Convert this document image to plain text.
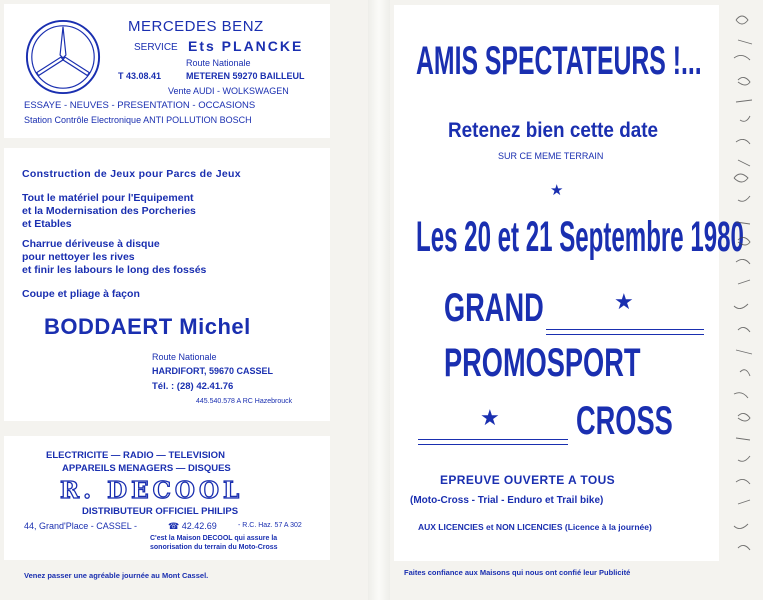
MERCEDES BENZ
SERVICE Ets PLANCKE
Route Nationale
T 43.08.41	METEREN 59270 BAILLEUL
Vente AUDI - WOLKSWAGEN
ESSAYE - NEUVES - PRESENTATION - OCCASIONS
Station Contrôle Electronique ANTI POLLUTION BOSCH
Construction de Jeux pour Parcs de Jeux
Tout le matériel pour l'Equipement
et la Modernisation des Porcheries
et Etables
Charrue dériveuse à disque
pour nettoyer les rives
et finir les labours le long des fossés
Coupe et pliage à façon
BODDAERT Michel
Route Nationale
HARDIFORT, 59670 CASSEL
Tél. : (28) 42.41.76
445.540.578 A RC Hazebrouck
ELECTRICITE — RADIO — TELEVISION
APPAREILS MENAGERS — DISQUES
R. DECOOL
DISTRIBUTEUR OFFICIEL PHILIPS
44, Grand'Place - CASSEL -	☎ 42.42.69	- R.C. Haz. 57 A 302
C'est la Maison DECOOL qui assure la
sonorisation du terrain du Moto-Cross
Venez passer une agréable journée au Mont Cassel.
AMIS SPECTATEURS !...
Retenez bien cette date
SUR CE MEME TERRAIN
★
Les 20 et 21 Septembre 1980
GRAND	★
PROMOSPORT
★ CROSS
EPREUVE OUVERTE A TOUS
(Moto-Cross - Trial - Enduro et Trail bike)
AUX LICENCIES et NON LICENCIES (Licence à la journée)
Faites confiance aux Maisons qui nous ont confié leur Publicité
